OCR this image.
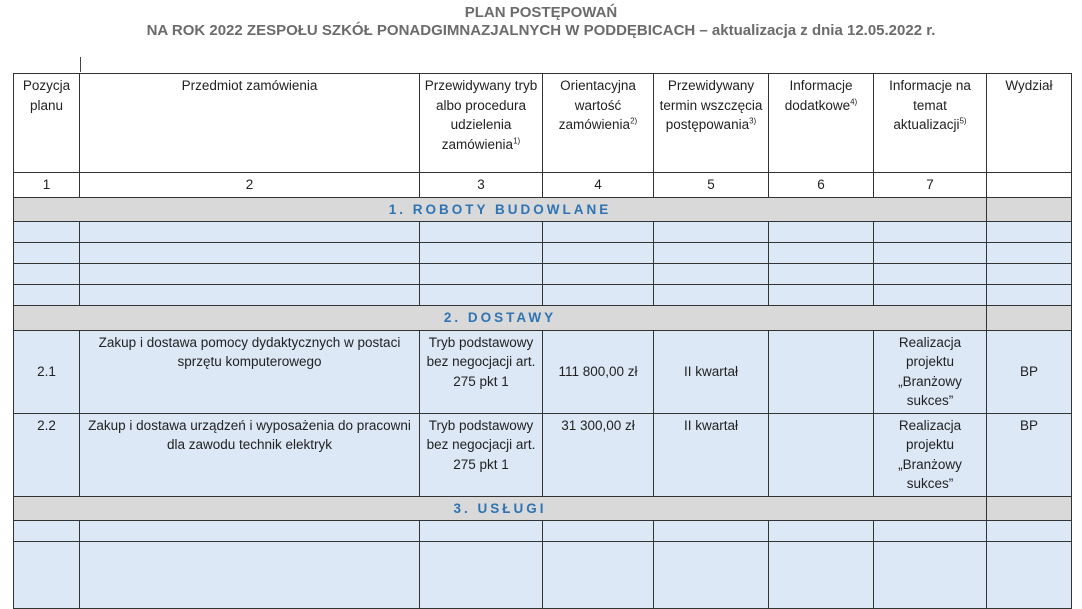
PLAN POSTĘPOWAŃ
NA ROK 2022 ZESPOŁU SZKÓŁ PONADGIMNAZJALNYCH W PODDĘBICACH – aktualizacja z dnia 12.05.2022 r.
Pozycja planu	Przedmiot zamówienia	Przewidywany tryb albo procedura udzielenia zamówienia$^{1)}$	Orientacyjna wartość zamówienia$^{2)}$	Przewidywany termin wszczęcia postępowania$^{3)}$	Informacje dodatkowe$^{4)}$	Informacje na temat aktualizacji$^{5)}$	Wydział
1	2	3	4	5	6	7	
1. ROBOTY BUDOWLANE							

2. DOSTAWY							
2.1	Zakup i dostawa pomocy dydaktycznych w postaci sprzętu komputerowego	Tryb podstawowy bez negocjacji art. 275 pkt 1	111 800,00 zł	II kwartał		Realizacja projektu „Branżowy sukces”	BP
2.2	Zakup i dostawa urządzeń i wyposażenia do pracowni dla zawodu technik elektryk	Tryb podstawowy bez negocjacji art. 275 pkt 1	31 300,00 zł	II kwartał		Realizacja projektu „Branżowy sukces”	BP
3. USŁUGI							
